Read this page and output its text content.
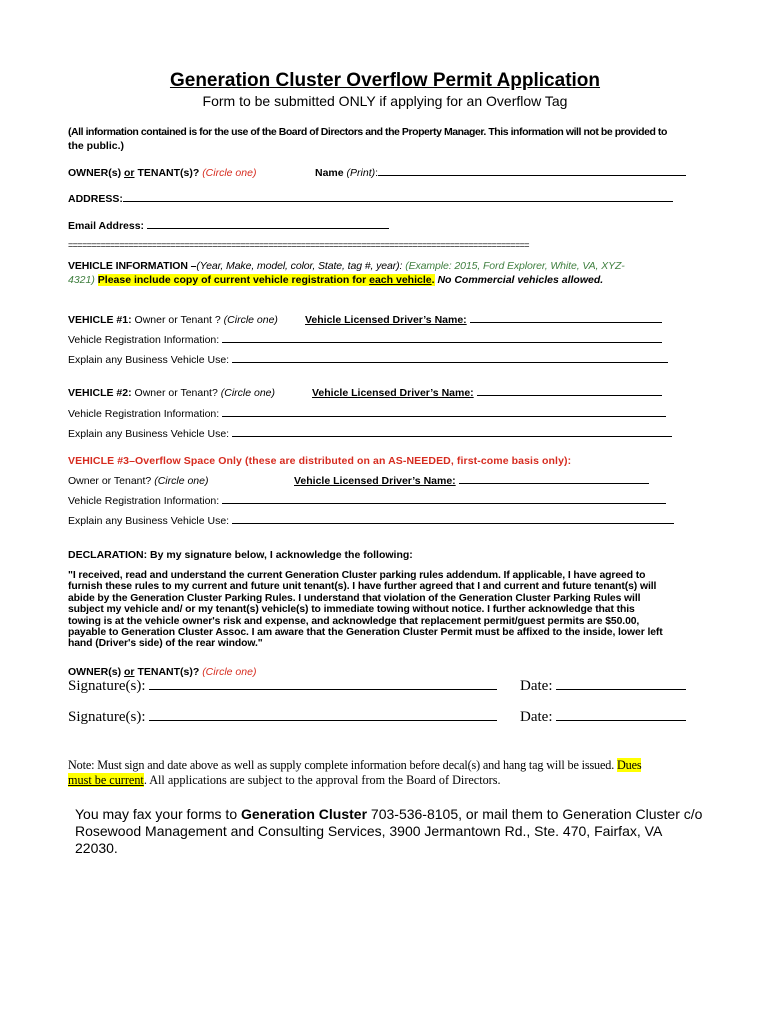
Generation Cluster Overflow Permit Application
Form to be submitted ONLY if applying for an Overflow Tag
(All information contained is for the use of the Board of Directors and the Property Manager. This information will not be provided to
the public.)
OWNER(s) or TENANT(s)? (Circle one)	Name (Print):
ADDRESS:
Email Address:
===================================================================================================
VEHICLE INFORMATION –(Year, Make, model, color, State, tag #, year): (Example: 2015, Ford Explorer, White, VA, XYZ-
4321) Please include copy of current vehicle registration for each vehicle. No Commercial vehicles allowed.
VEHICLE #1: Owner or Tenant ? (Circle one)	Vehicle Licensed Driver’s Name:
Vehicle Registration Information:
Explain any Business Vehicle Use:
VEHICLE #2: Owner or Tenant? (Circle one)	Vehicle Licensed Driver’s Name:
Vehicle Registration Information:
Explain any Business Vehicle Use:
VEHICLE #3–Overflow Space Only (these are distributed on an AS-NEEDED, first-come basis only):
Owner or Tenant? (Circle one)	Vehicle Licensed Driver’s Name:
Vehicle Registration Information:
Explain any Business Vehicle Use:
DECLARATION: By my signature below, I acknowledge the following:
"I received, read and understand the current Generation Cluster parking rules addendum. If applicable, I have agreed to
furnish these rules to my current and future unit tenant(s). I have further agreed that I and current and future tenant(s) will
abide by the Generation Cluster Parking Rules. I understand that violation of the Generation Cluster Parking Rules will
subject my vehicle and/ or my tenant(s) vehicle(s) to immediate towing without notice. I further acknowledge that this
towing is at the vehicle owner's risk and expense, and acknowledge that replacement permit/guest permits are $50.00,
payable to Generation Cluster Assoc. I am aware that the Generation Cluster Permit must be affixed to the inside, lower left
hand (Driver's side) of the rear window."
OWNER(s) or TENANT(s)? (Circle one)
Signature(s):	Date:
Signature(s):	Date:
Note: Must sign and date above as well as supply complete information before decal(s) and hang tag will be issued. Dues
must be current. All applications are subject to the approval from the Board of Directors.
You may fax your forms to Generation Cluster 703-536-8105, or mail them to Generation Cluster c/o
Rosewood Management and Consulting Services, 3900 Jermantown Rd., Ste. 470, Fairfax, VA
22030.
